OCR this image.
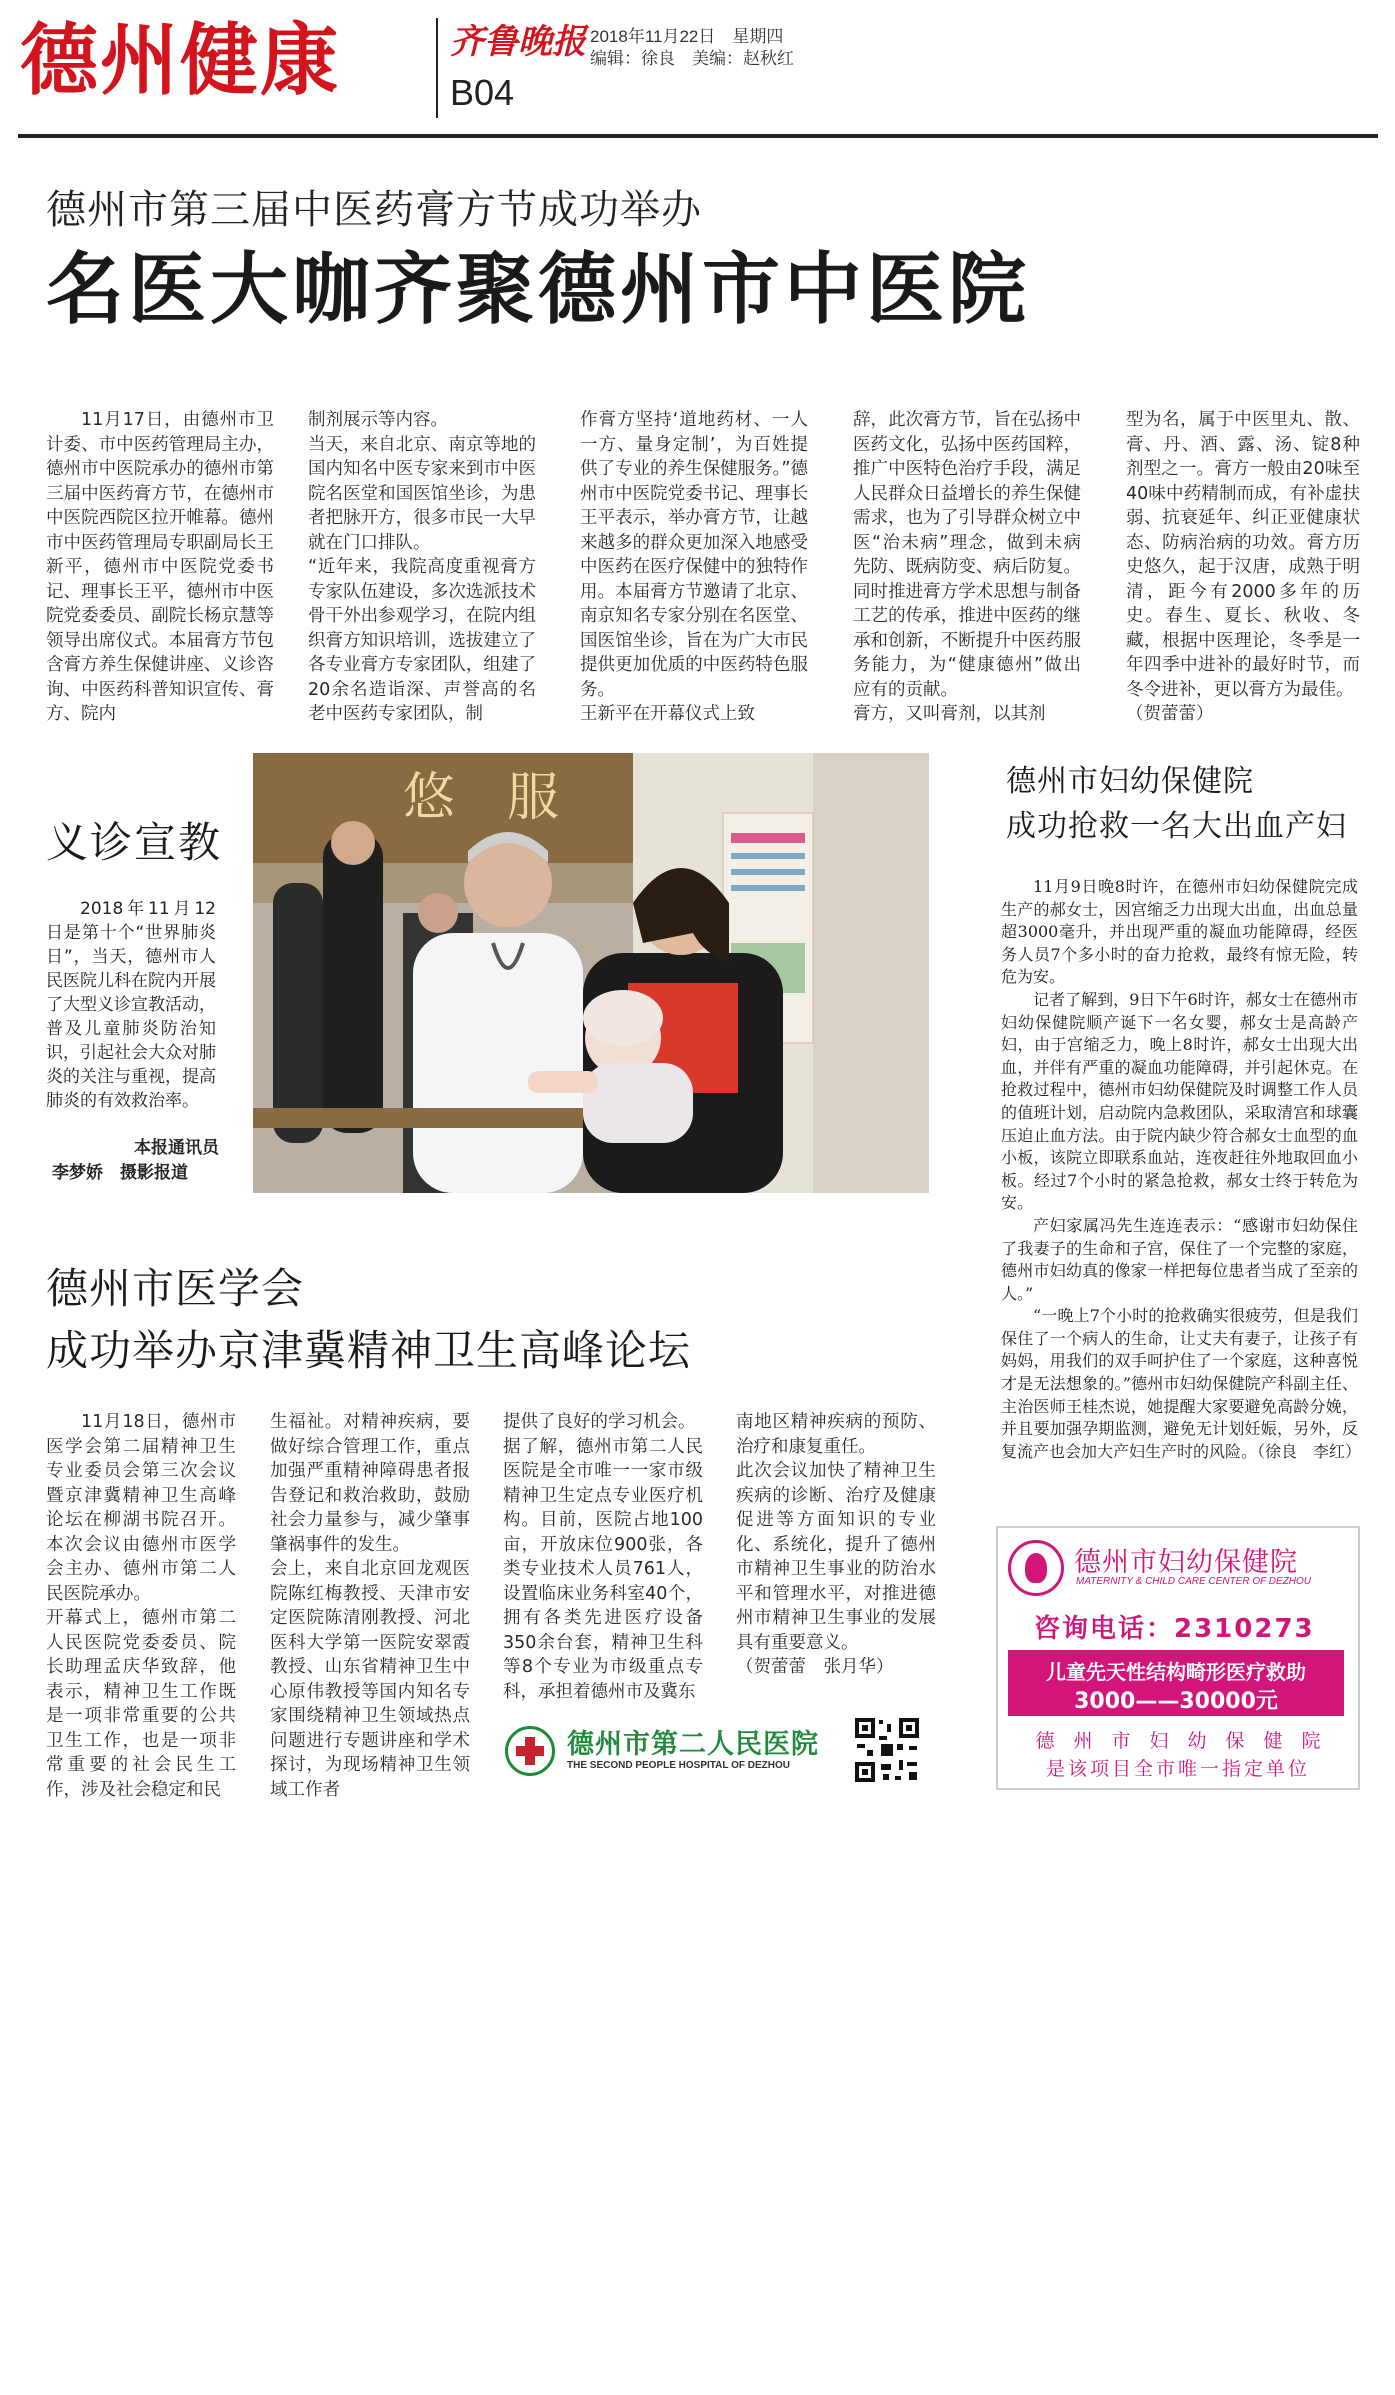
德州健康	齐鲁晚报
B04
2018年11月22日　星期四
编辑：徐良　美编：赵秋红
德州市第三届中医药膏方节成功举办
名医大咖齐聚德州市中医院

11月17日，由德州市卫计委、市中医药管理局主办，德州市中医院承办的德州市第三届中医药膏方节，在德州市中医院西院区拉开帷幕。德州市中医药管理局专职副局长王新平，德州市中医院党委书记、理事长王平，德州市中医院党委委员、副院长杨京慧等领导出席仪式。本届膏方节包含膏方养生保健讲座、义诊咨询、中医药科普知识宣传、膏方、院内

制剂展示等内容。
当天，来自北京、南京等地的国内知名中医专家来到市中医院名医堂和国医馆坐诊，为患者把脉开方，很多市民一大早就在门口排队。
“近年来，我院高度重视膏方专家队伍建设，多次选派技术骨干外出参观学习，在院内组织膏方知识培训，选拔建立了各专业膏方专家团队，组建了20余名造诣深、声誉高的名老中医药专家团队，制

作膏方坚持‘道地药材、一人一方、量身定制’，为百姓提供了专业的养生保健服务。”德州市中医院党委书记、理事长王平表示，举办膏方节，让越来越多的群众更加深入地感受中医药在医疗保健中的独特作用。本届膏方节邀请了北京、南京知名专家分别在名医堂、国医馆坐诊，旨在为广大市民提供更加优质的中医药特色服务。
王新平在开幕仪式上致

辞，此次膏方节，旨在弘扬中医药文化，弘扬中医药国粹，推广中医特色治疗手段，满足人民群众日益增长的养生保健需求，也为了引导群众树立中医“治未病”理念，做到未病先防、既病防变、病后防复。同时推进膏方学术思想与制备工艺的传承，推进中医药的继承和创新，不断提升中医药服务能力，为“健康德州”做出应有的贡献。
膏方，又叫膏剂，以其剂

型为名，属于中医里丸、散、膏、丹、酒、露、汤、锭8种剂型之一。膏方一般由20味至40味中药精制而成，有补虚扶弱、抗衰延年、纠正亚健康状态、防病治病的功效。膏方历史悠久，起于汉唐，成熟于明清，距今有2000多年的历史。春生、夏长、秋收、冬藏，根据中医理论，冬季是一年四季中进补的最好时节，而冬令进补，更以膏方为最佳。
（贺蕾蕾）

义诊宣教

2018年11月12日是第十个“世界肺炎日”，当天，德州市人民医院儿科在院内开展了大型义诊宣教活动，普及儿童肺炎防治知识，引起社会大众对肺炎的关注与重视，提高肺炎的有效救治率。

本报通讯员
李梦娇　摄影报道
悠　服	德州市妇幼保健院
成功抢救一名大出血产妇

11月9日晚8时许，在德州市妇幼保健院完成生产的郝女士，因宫缩乏力出现大出血，出血总量超3000毫升，并出现严重的凝血功能障碍，经医务人员7个多小时的奋力抢救，最终有惊无险，转危为安。

记者了解到，9日下午6时许，郝女士在德州市妇幼保健院顺产诞下一名女婴，郝女士是高龄产妇，由于宫缩乏力，晚上8时许，郝女士出现大出血，并伴有严重的凝血功能障碍，并引起休克。在抢救过程中，德州市妇幼保健院及时调整工作人员的值班计划，启动院内急救团队，采取清宫和球囊压迫止血方法。由于院内缺少符合郝女士血型的血小板，该院立即联系血站，连夜赶往外地取回血小板。经过7个小时的紧急抢救，郝女士终于转危为安。

产妇家属冯先生连连表示：“感谢市妇幼保住了我妻子的生命和子宫，保住了一个完整的家庭，德州市妇幼真的像家一样把每位患者当成了至亲的人。”

“一晚上7个小时的抢救确实很疲劳，但是我们保住了一个病人的生命，让丈夫有妻子，让孩子有妈妈，用我们的双手呵护住了一个家庭，这种喜悦才是无法想象的。”德州市妇幼保健院产科副主任、主治医师王桂杰说，她提醒大家要避免高龄分娩，并且要加强孕期监测，避免无计划妊娠，另外，反复流产也会加大产妇生产时的风险。（徐良　李红）

德州市妇幼保健院
MATERNITY & CHILD CARE CENTER OF DEZHOU
咨询电话：2310273
儿童先天性结构畸形医疗救助
3000——30000元
德　州　市　妇　幼　保　健　院
是该项目全市唯一指定单位
德州市医学会
成功举办京津冀精神卫生高峰论坛

11月18日，德州市医学会第二届精神卫生专业委员会第三次会议暨京津冀精神卫生高峰论坛在柳湖书院召开。本次会议由德州市医学会主办、德州市第二人民医院承办。
开幕式上，德州市第二人民医院党委委员、院长助理孟庆华致辞，他表示，精神卫生工作既是一项非常重要的公共卫生工作，也是一项非常重要的社会民生工作，涉及社会稳定和民

生福祉。对精神疾病，要做好综合管理工作，重点加强严重精神障碍患者报告登记和救治救助，鼓励社会力量参与，减少肇事肇祸事件的发生。
会上，来自北京回龙观医院陈红梅教授、天津市安定医院陈清刚教授、河北医科大学第一医院安翠霞教授、山东省精神卫生中心原伟教授等国内知名专家围绕精神卫生领域热点问题进行专题讲座和学术探讨，为现场精神卫生领域工作者

提供了良好的学习机会。
据了解，德州市第二人民医院是全市唯一一家市级精神卫生定点专业医疗机构。目前，医院占地100亩，开放床位900张，各类专业技术人员761人，设置临床业务科室40个，拥有各类先进医疗设备350余台套，精神卫生科等8个专业为市级重点专科，承担着德州市及冀东

南地区精神疾病的预防、治疗和康复重任。
此次会议加快了精神卫生疾病的诊断、治疗及健康促进等方面知识的专业化、系统化，提升了德州市精神卫生事业的防治水平和管理水平，对推进德州市精神卫生事业的发展具有重要意义。
（贺蕾蕾　张月华）

德州市第二人民医院
THE SECOND PEOPLE HOSPITAL OF DEZHOU
